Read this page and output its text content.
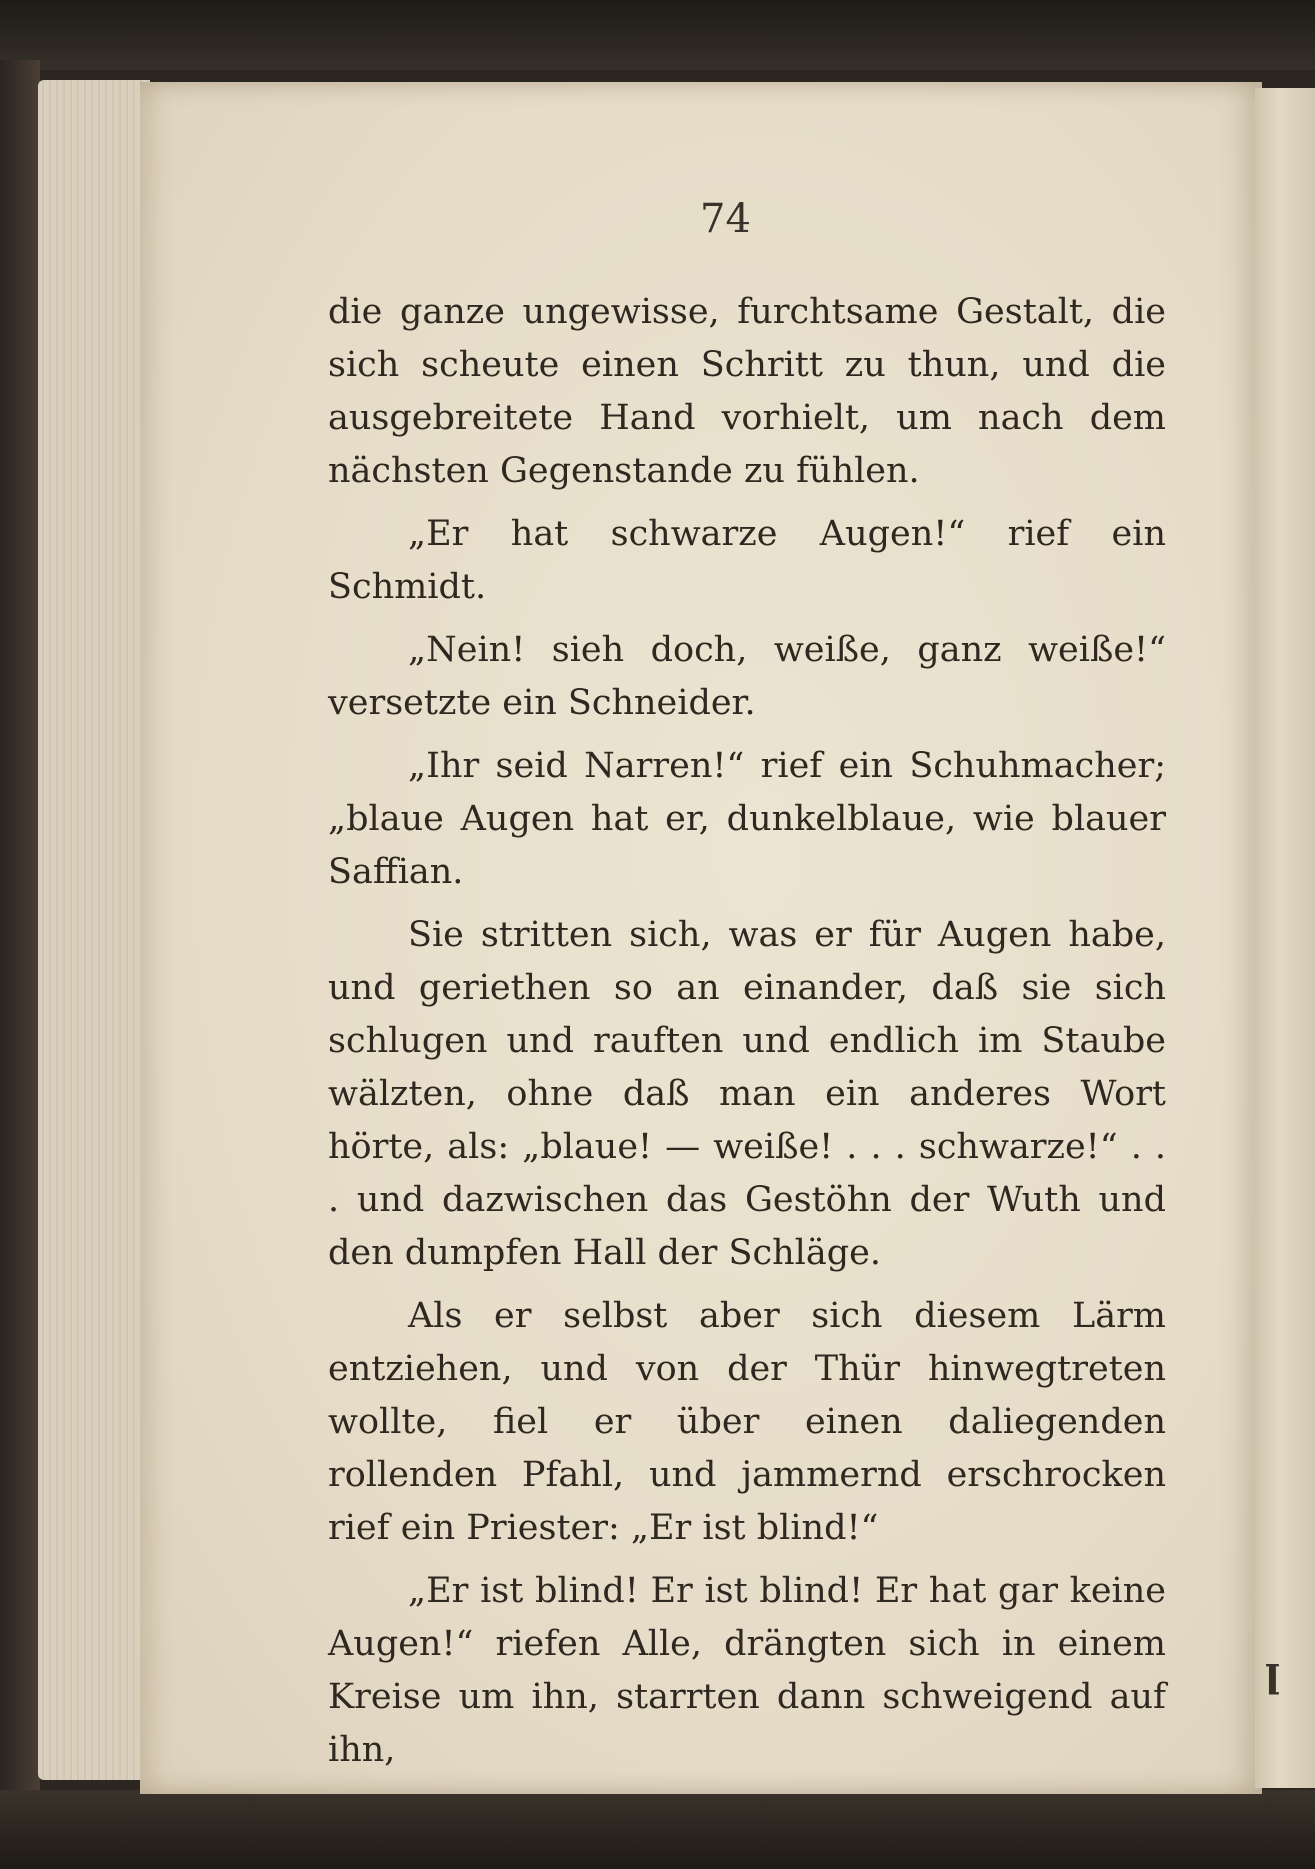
ꞁ
74

die ganze ungewisse, furchtsame Gestalt, die sich scheute einen Schritt zu thun, und die ausgebreitete Hand vorhielt, um nach dem nächsten Gegenstande zu fühlen.

„Er hat schwarze Augen!“ rief ein Schmidt.

„Nein! sieh doch, weiße, ganz weiße!“ versetzte ein Schneider.

„Ihr seid Narren!“ rief ein Schuhmacher; „blaue Augen hat er, dunkelblaue, wie blauer Saffian.

Sie stritten sich, was er für Augen habe, und geriethen so an einander, daß sie sich schlugen und rauften und endlich im Staube wälzten, ohne daß man ein anderes Wort hörte, als: „blaue! — weiße! . . . schwarze!“ . . . und dazwischen das Gestöhn der Wuth und den dumpfen Hall der Schläge.

Als er selbst aber sich diesem Lärm entziehen, und von der Thür hinwegtreten wollte, fiel er über einen daliegenden rollenden Pfahl, und jammernd erschrocken rief ein Priester: „Er ist blind!“

„Er ist blind! Er ist blind! Er hat gar keine Augen!“ riefen Alle, drängten sich in einem Kreise um ihn, starrten dann schweigend auf ihn,
